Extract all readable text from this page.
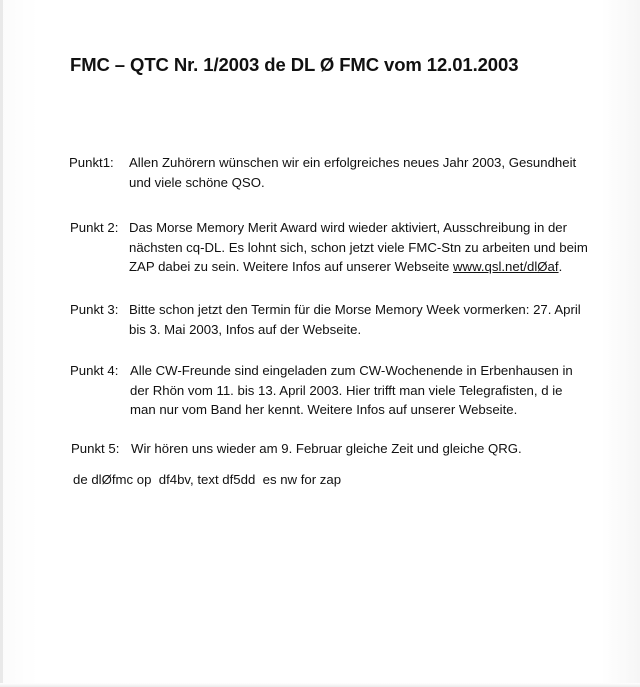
FMC – QTC Nr. 1/2003 de DL Ø FMC vom 12.01.2003
Punkt1: Allen Zuhörern wünschen wir ein erfolgreiches neues Jahr 2003, Gesundheit
und viele schöne QSO.
Punkt 2: Das Morse Memory Merit Award wird wieder aktiviert, Ausschreibung in der
nächsten cq-DL. Es lohnt sich, schon jetzt viele FMC-Stn zu arbeiten und beim
ZAP dabei zu sein. Weitere Infos auf unserer Webseite www.qsl.net/dlØaf.
Punkt 3: Bitte schon jetzt den Termin für die Morse Memory Week vormerken: 27. April
bis 3. Mai 2003, Infos auf der Webseite.
Punkt 4: Alle CW-Freunde sind eingeladen zum CW-Wochenende in Erbenhausen in
der Rhön vom 11. bis 13. April 2003. Hier trifft man viele Telegrafisten, d ie
man nur vom Band her kennt. Weitere Infos auf unserer Webseite.
Punkt 5: Wir hören uns wieder am 9. Februar gleiche Zeit und gleiche QRG.
de dlØfmc op  df4bv, text df5dd  es nw for zap
